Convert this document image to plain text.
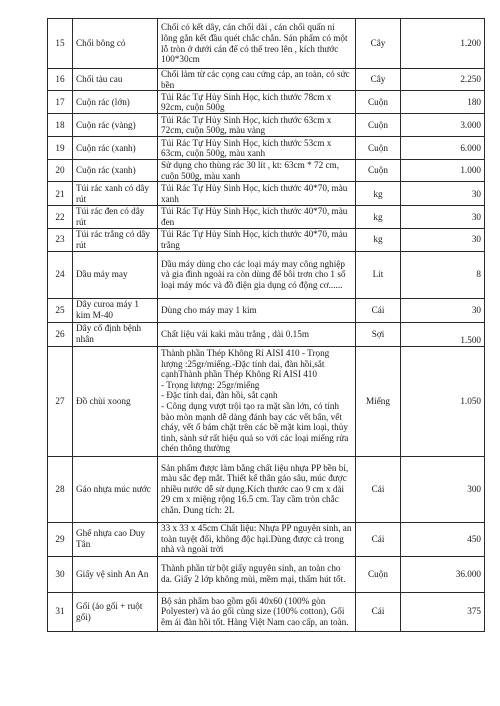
15	Chổi bông cỏ	Chổi có kết dây, cán chổi dài , cán chổi quấn ni lông gắn kết đầu quét chắc chắn. Sản phẩm có một lỗ tròn ở dưới cán để có thể treo lên , kích thước 100*30cm	Cây	1.200
16	Chổi tàu cau	Chổi làm từ các cọng cau cứng cáp, an toàn, có sức bền	Cây	2.250
17	Cuộn rác (lớn)	Túi Rác Tự Hủy Sinh Học, kích thước 78cm x 92cm, cuộn 500g	Cuộn	180
18	Cuộn rác (vàng)	Túi Rác Tự Hủy Sinh Học, kích thước 63cm x 72cm, cuộn 500g, màu vàng	Cuộn	3.000
19	Cuộn rác (xanh)	Túi Rác Tự Hủy Sinh Học, kích thước 53cm x 63cm, cuộn 500g, màu xanh	Cuộn	6.000
20	Cuộn rác (xanh)	Sử dụng cho thùng rác 30 lít , kt: 63cm * 72 cm, cuộn 500g, màu xanh	Cuộn	1.000
21	Túi rác xanh có dây rút	Túi Rác Tự Hủy Sinh Học, kích thước 40*70, màu xanh	kg	30
22	Túi rác đen có dây rút	Túi Rác Tự Hủy Sinh Học, kích thước 40*70, màu đen	kg	30
23	Túi rác trắng có dây rút	Túi Rác Tự Hủy Sinh Học, kích thước 40*70, màu trắng	kg	30
24	Dầu máy may	Dầu máy dùng cho các loại máy may công nghiệp và gia đình ngoài ra còn dùng để bôi trơn cho 1 số loại máy móc và đồ điện gia dụng có động cơ......	Lít	8
25	Dây curoa máy 1 kim M-40	Dùng cho máy may 1 kim	Cái	30
26	Dây cố định bệnh nhân	Chất liệu vải kaki màu trắng , dài 0.15m	Sợi	1.500
27	Đồ chùi xoong	Thành phần Thép Không Rỉ AISI 410 - Trọng lượng :25gr/miếng.-Đặc tính dai, đàn hồi,sắt cạnhThành phần Thép Không Rỉ AISI 410
- Trọng lượng: 25gr/miếng
- Đặc tính dai, đàn hồi, sắt cạnh
- Công dụng vượt trội tạo ra mặt sần lớn, có tính bào mòn mạnh dễ dàng đánh bay các vết bẩn, vết cháy, vết ố bám chặt trên các bề mặt kim loại, thủy tinh, sành sứ rất hiệu quả so với các loại miếng rửa chén thông thường	Miếng	1.050
28	Gáo nhựa múc nước	Sản phẩm được làm bằng chất liệu nhựa PP bền bỉ, màu sắc đẹp mắt. Thiết kế thân gáo sâu, múc được nhiều nước dễ sử dụng.Kích thước cao 9 cm x dài 29 cm x miệng rộng 16.5 cm. Tay cầm tròn chắc chắn. Dung tích: 2L	Cái	300
29	Ghế nhựa cao Duy Tân	33 x 33 x 45cm Chất liệu: Nhựa PP nguyên sinh, an toàn tuyệt đối, không độc hại.Dùng được cả trong nhà và ngoài trời	Cái	450
30	Giấy vệ sinh An An	Thành phần từ bột giấy nguyên sinh, an toàn cho da. Giấy 2 lớp không mùi, mềm mại, thấm hút tốt.	Cuộn	36.000
31	Gối (áo gối + ruột gối)	Bộ sản phẩm bao gồm gối 40x60 (100% gòn Polyester) và áo gối cùng size (100% cotton), Gối êm ái đàn hồi tốt. Hàng Việt Nam cao cấp, an toàn.	Cái	375
